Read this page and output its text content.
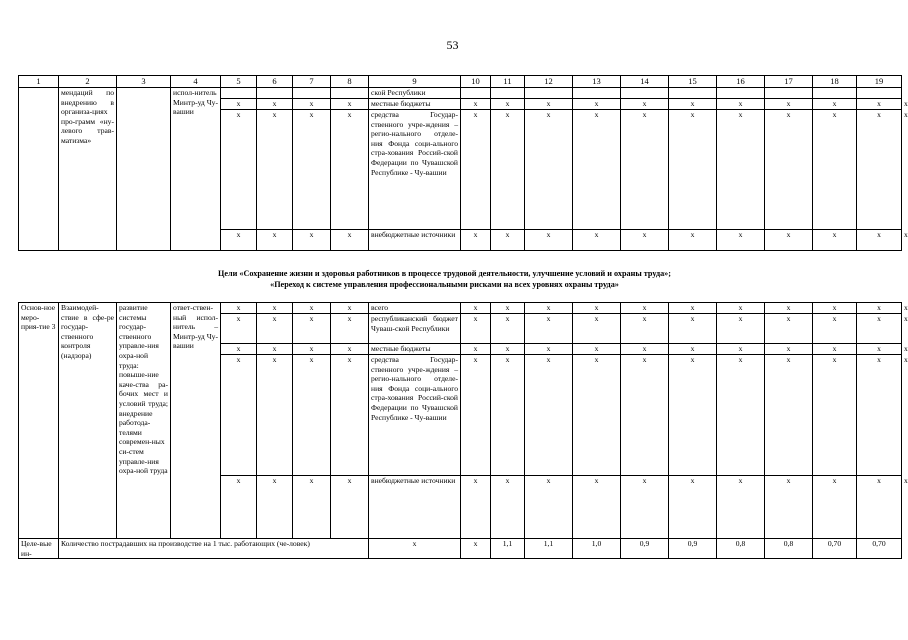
53
1	2	3	4	5	6	7	8	9	10	11	12	13	14	15	16	17	18	19	
	мендаций по внедрению в организа-циях про-грамм «ну-левого трав-матизма»		испол-нитель Минтр-уд Чу-вашии					ской Республики											
				x	x	x	x	местные бюджеты	x	x	x	x	x	x	x	x	x	x	x
				x	x	x	x	средства Государ-ственного учре-ждения – регио-нального отделе-ния Фонда соци-ального стра-хования Россий-ской Федерации по Чувашской Республике - Чу-вашии	x	x	x	x	x	x	x	x	x	x	x
				x	x	x	x	внебюджетные источники	x	x	x	x	x	x	x	x	x	x	x
Цели «Сохранение жизни и здоровья работников в процессе трудовой деятельности, улучшение условий и охраны труда»;
«Переход к системе управления профессиональными рисками на всех уровнях охраны труда»
Основ-ное меро-прия-тие 3	Взаимодей-ствие в сфе-ре государ-ственного контроля (надзора)	развитие системы государ-ственного управле-ния охра-ной труда: повыше-ние каче-ства ра-бочих мест и условий труда; внедрение работода-телями современ-ных си-стем управле-ния охра-ной труда	ответ-ствен-ный испол-нитель – Минтр-уд Чу-вашии	x	x	x	x	всего	x	x	x	x	x	x	x	x	x	x	x
				x	x	x	x	республиканский бюджет Чуваш-ской Республики	x	x	x	x	x	x	x	x	x	x	x
				x	x	x	x	местные бюджеты	x	x	x	x	x	x	x	x	x	x	x
				x	x	x	x	средства Государ-ственного учре-ждения – регио-нального отделе-ния Фонда соци-ального стра-хования Россий-ской Федерации по Чувашской Республике - Чу-вашии	x	x	x	x	x	x	x	x	x	x	x
				x	x	x	x	внебюджетные источники	x	x	x	x	x	x	x	x	x	x	x
Целе-вые ин-	Количество пострадавших на производстве на 1 тыс. работающих (че-ловек)							x	x	1,1	1,1	1,0	0,9	0,9	0,8	0,8	0,70	0,70	
